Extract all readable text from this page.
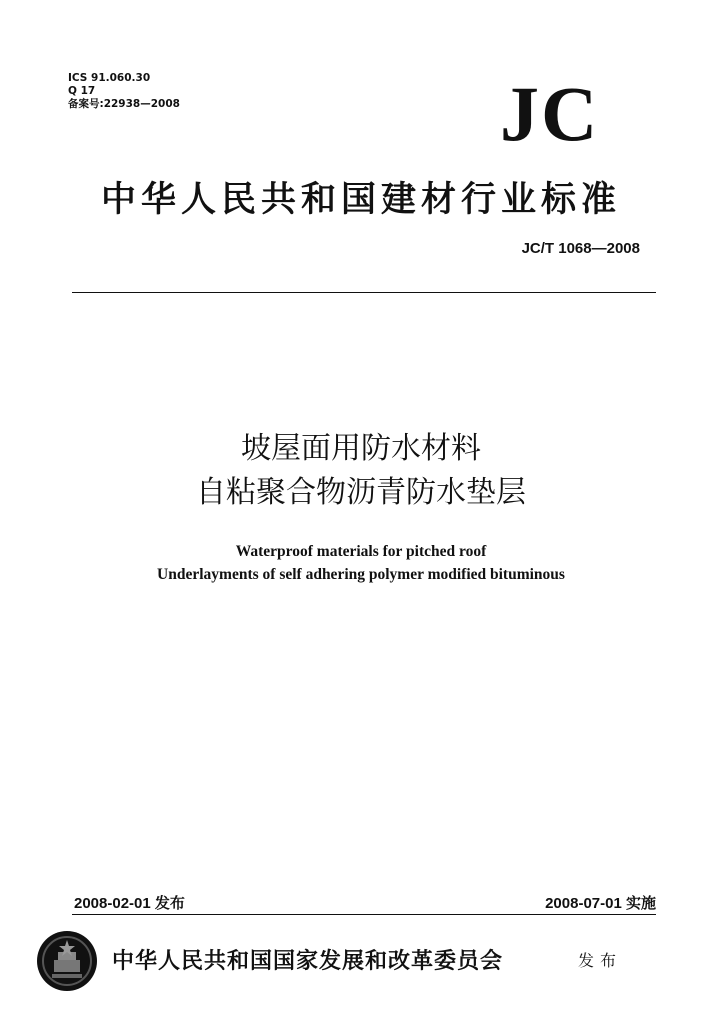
ICS 91.060.30
Q 17
备案号:22938—2008	JC
中华人民共和国建材行业标准
JC/T 1068—2008
坡屋面用防水材料
自粘聚合物沥青防水垫层
Waterproof materials for pitched roof
Underlayments of self adhering polymer modified bituminous
2008-02-01 发布	2008-07-01 实施
中华人民共和国国家发展和改革委员会	发布
